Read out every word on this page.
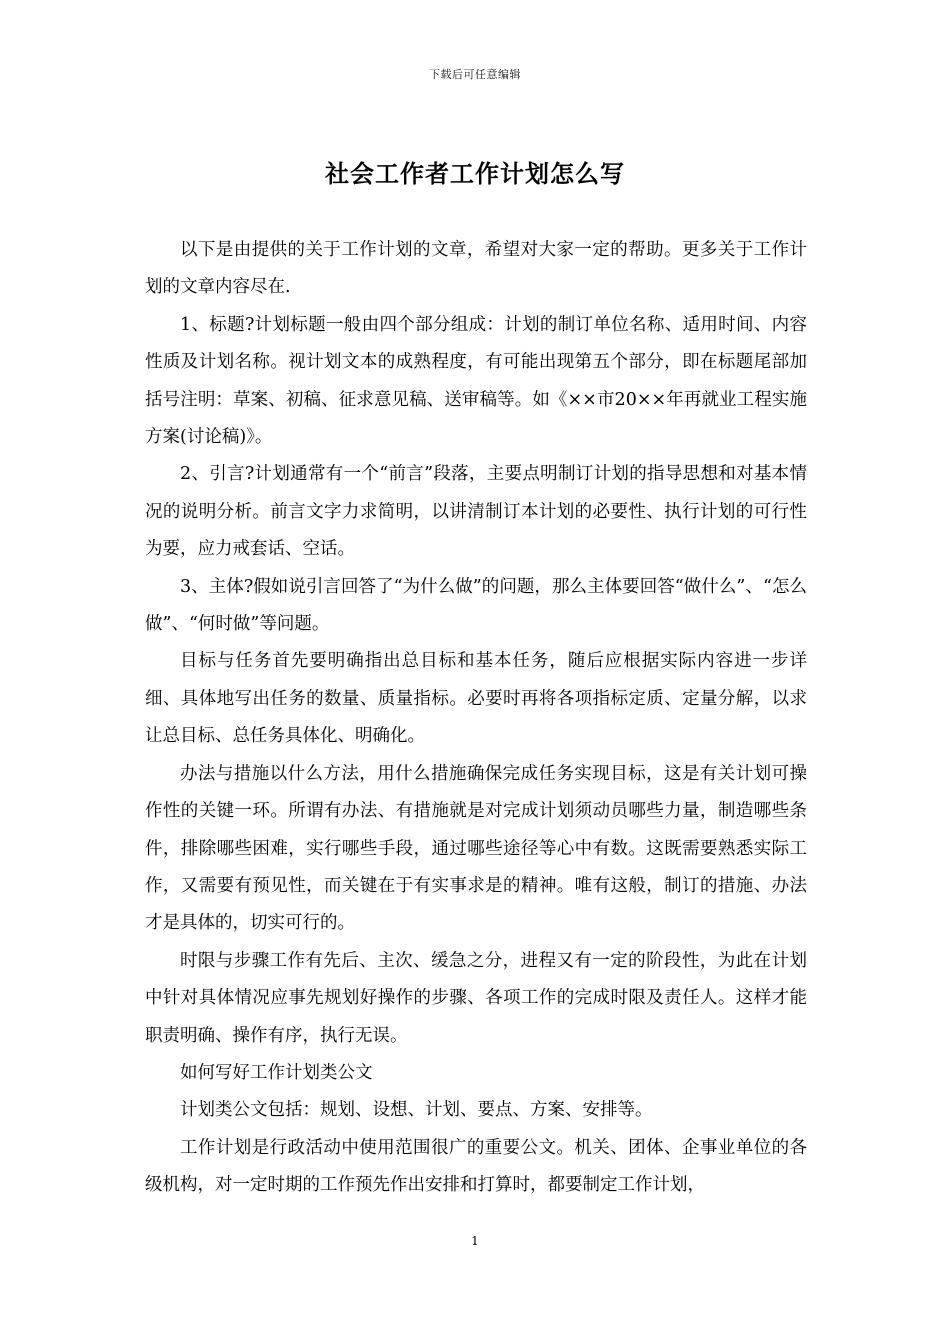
下载后可任意编辑
社会工作者工作计划怎么写

以下是由提供的关于工作计划的文章，希望对大家一定的帮助。更多关于工作计划的文章内容尽在.

1、标题?计划标题一般由四个部分组成：计划的制订单位名称、适用时间、内容性质及计划名称。视计划文本的成熟程度，有可能出现第五个部分，即在标题尾部加括号注明：草案、初稿、征求意见稿、送审稿等。如《××市20××年再就业工程实施方案(讨论稿)》。

2、引言?计划通常有一个“前言”段落，主要点明制订计划的指导思想和对基本情况的说明分析。前言文字力求简明，以讲清制订本计划的必要性、执行计划的可行性为要，应力戒套话、空话。

3、主体?假如说引言回答了“为什么做”的问题，那么主体要回答“做什么”、“怎么做”、“何时做”等问题。

目标与任务首先要明确指出总目标和基本任务，随后应根据实际内容进一步详细、具体地写出任务的数量、质量指标。必要时再将各项指标定质、定量分解，以求让总目标、总任务具体化、明确化。

办法与措施以什么方法，用什么措施确保完成任务实现目标，这是有关计划可操作性的关键一环。所谓有办法、有措施就是对完成计划须动员哪些力量，制造哪些条件，排除哪些困难，实行哪些手段，通过哪些途径等心中有数。这既需要熟悉实际工作，又需要有预见性，而关键在于有实事求是的精神。唯有这般，制订的措施、办法才是具体的，切实可行的。

时限与步骤工作有先后、主次、缓急之分，进程又有一定的阶段性，为此在计划中针对具体情况应事先规划好操作的步骤、各项工作的完成时限及责任人。这样才能职责明确、操作有序，执行无误。

如何写好工作计划类公文

计划类公文包括：规划、设想、计划、要点、方案、安排等。

工作计划是行政活动中使用范围很广的重要公文。机关、团体、企事业单位的各级机构，对一定时期的工作预先作出安排和打算时，都要制定工作计划，

1
